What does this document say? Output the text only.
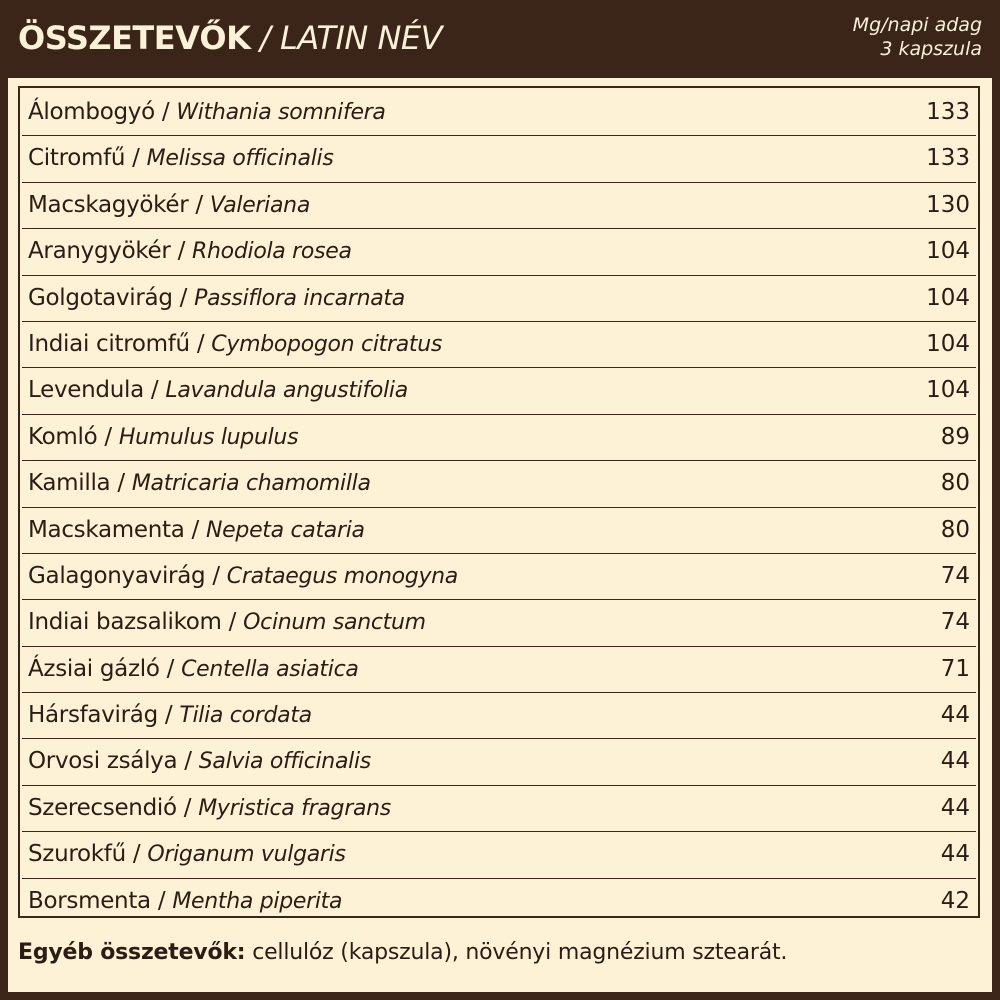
ÖSSZETEVŐK / LATIN NÉV	Mg/napi adag
3 kapszula
Álombogyó / Withania somnifera	133
Citromfű / Melissa officinalis	133
Macskagyökér / Valeriana	130
Aranygyökér / Rhodiola rosea	104
Golgotavirág / Passiflora incarnata	104
Indiai citromfű / Cymbopogon citratus	104
Levendula / Lavandula angustifolia	104
Komló / Humulus lupulus	89
Kamilla / Matricaria chamomilla	80
Macskamenta / Nepeta cataria	80
Galagonyavirág / Crataegus monogyna	74
Indiai bazsalikom / Ocinum sanctum	74
Ázsiai gázló / Centella asiatica	71
Hársfavirág / Tilia cordata	44
Orvosi zsálya / Salvia officinalis	44
Szerecsendió / Myristica fragrans	44
Szurokfű / Origanum vulgaris	44
Borsmenta / Mentha piperita	42
Egyéb összetevők: cellulóz (kapszula), növényi magnézium sztearát.
